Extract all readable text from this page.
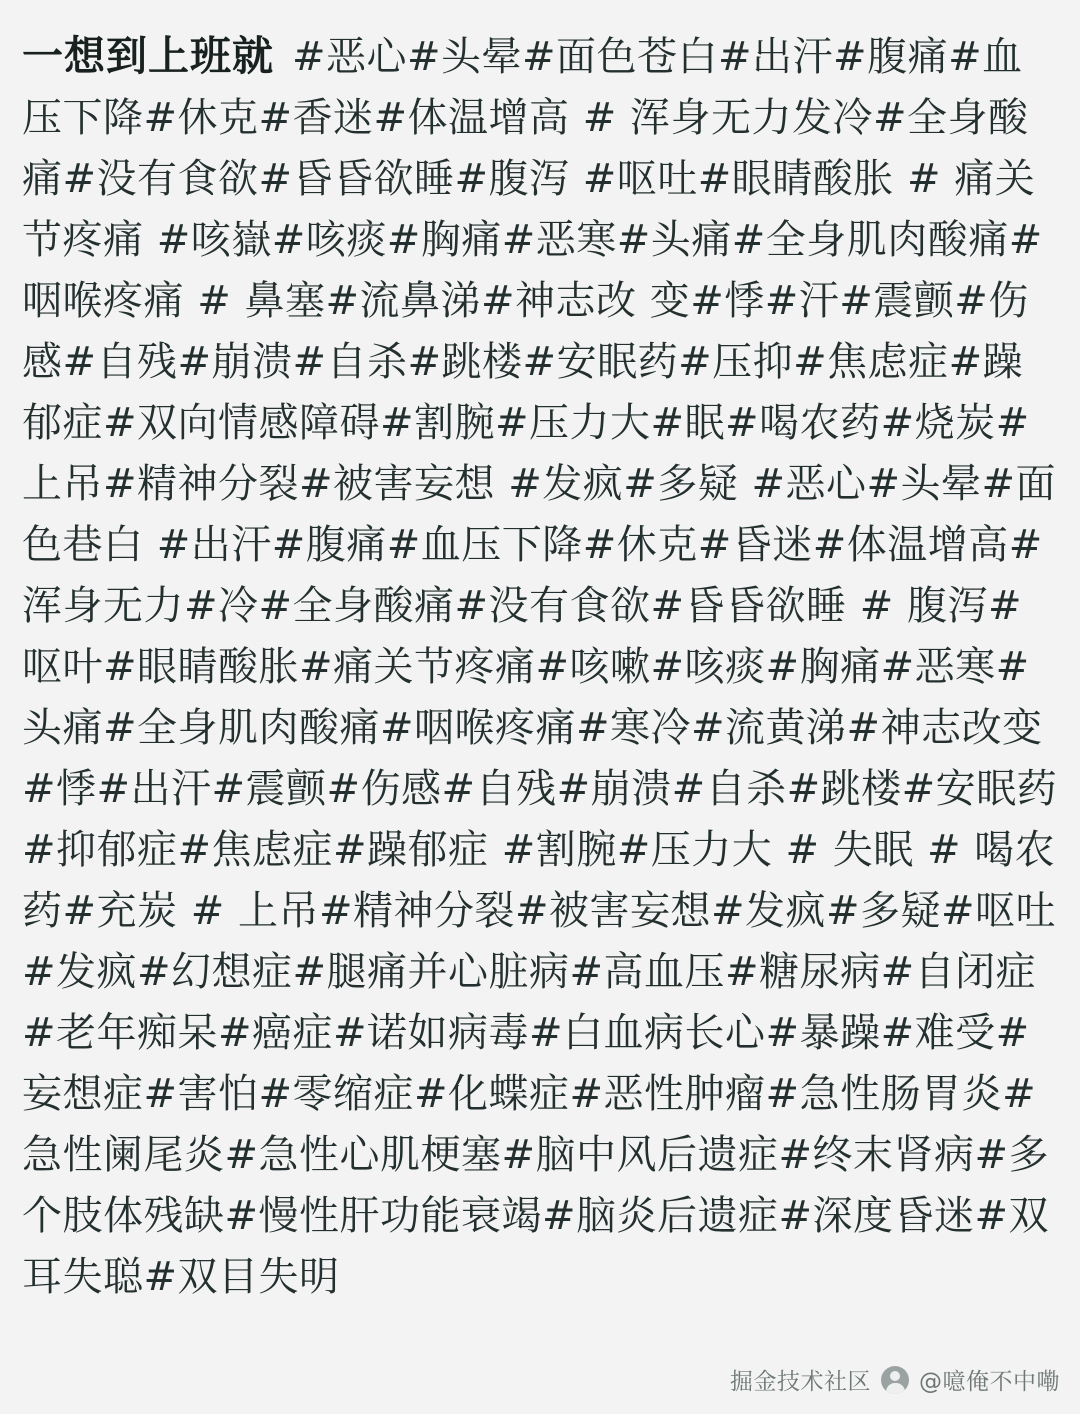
一想到上班就 #恶心#头晕#面色苍白#出汗#腹痛#血压下降#休克#香迷#体温增高 # 浑身无力发冷#全身酸痛#没有食欲#昏昏欲睡#腹泻 #呕吐#眼睛酸胀 # 痛关节疼痛 #咳嶽#咳痰#胸痛#恶寒#头痛#全身肌肉酸痛#咽喉疼痛 # 鼻塞#流鼻涕#神志改 变#悸#汗#震颤#伤感#自残#崩溃#自杀#跳楼#安眠药#压抑#焦虑症#躁郁症#双向情感障碍#割腕#压力大#眠#喝农药#烧炭#上吊#精神分裂#被害妄想 #发疯#多疑 #恶心#头晕#面色巷白 #出汗#腹痛#血压下降#休克#昏迷#体温增高#浑身无力#冷#全身酸痛#没有食欲#昏昏欲睡 # 腹泻#呕叶#眼睛酸胀#痛关节疼痛#咳嗽#咳痰#胸痛#恶寒#头痛#全身肌肉酸痛#咽喉疼痛#寒冷#流黄涕#神志改变 #悸#出汗#震颤#伤感#自残#崩溃#自杀#跳楼#安眠药#抑郁症#焦虑症#躁郁症 #割腕#压力大 # 失眠 # 喝农药#充炭 # 上吊#精神分裂#被害妄想#发疯#多疑#呕吐#发疯#幻想症#腿痛并心脏病#高血压#糖尿病#自闭症#老年痴呆#癌症#诺如病毒#白血病长心#暴躁#难受#妄想症#害怕#零缩症#化蝶症#恶性肿瘤#急性肠胃炎#急性阑尾炎#急性心肌梗塞#脑中风后遗症#终末肾病#多个肢体残缺#慢性肝功能衰竭#脑炎后遗症#深度昏迷#双耳失聪#双目失明

掘金技术社区 @噫俺不中嘞
